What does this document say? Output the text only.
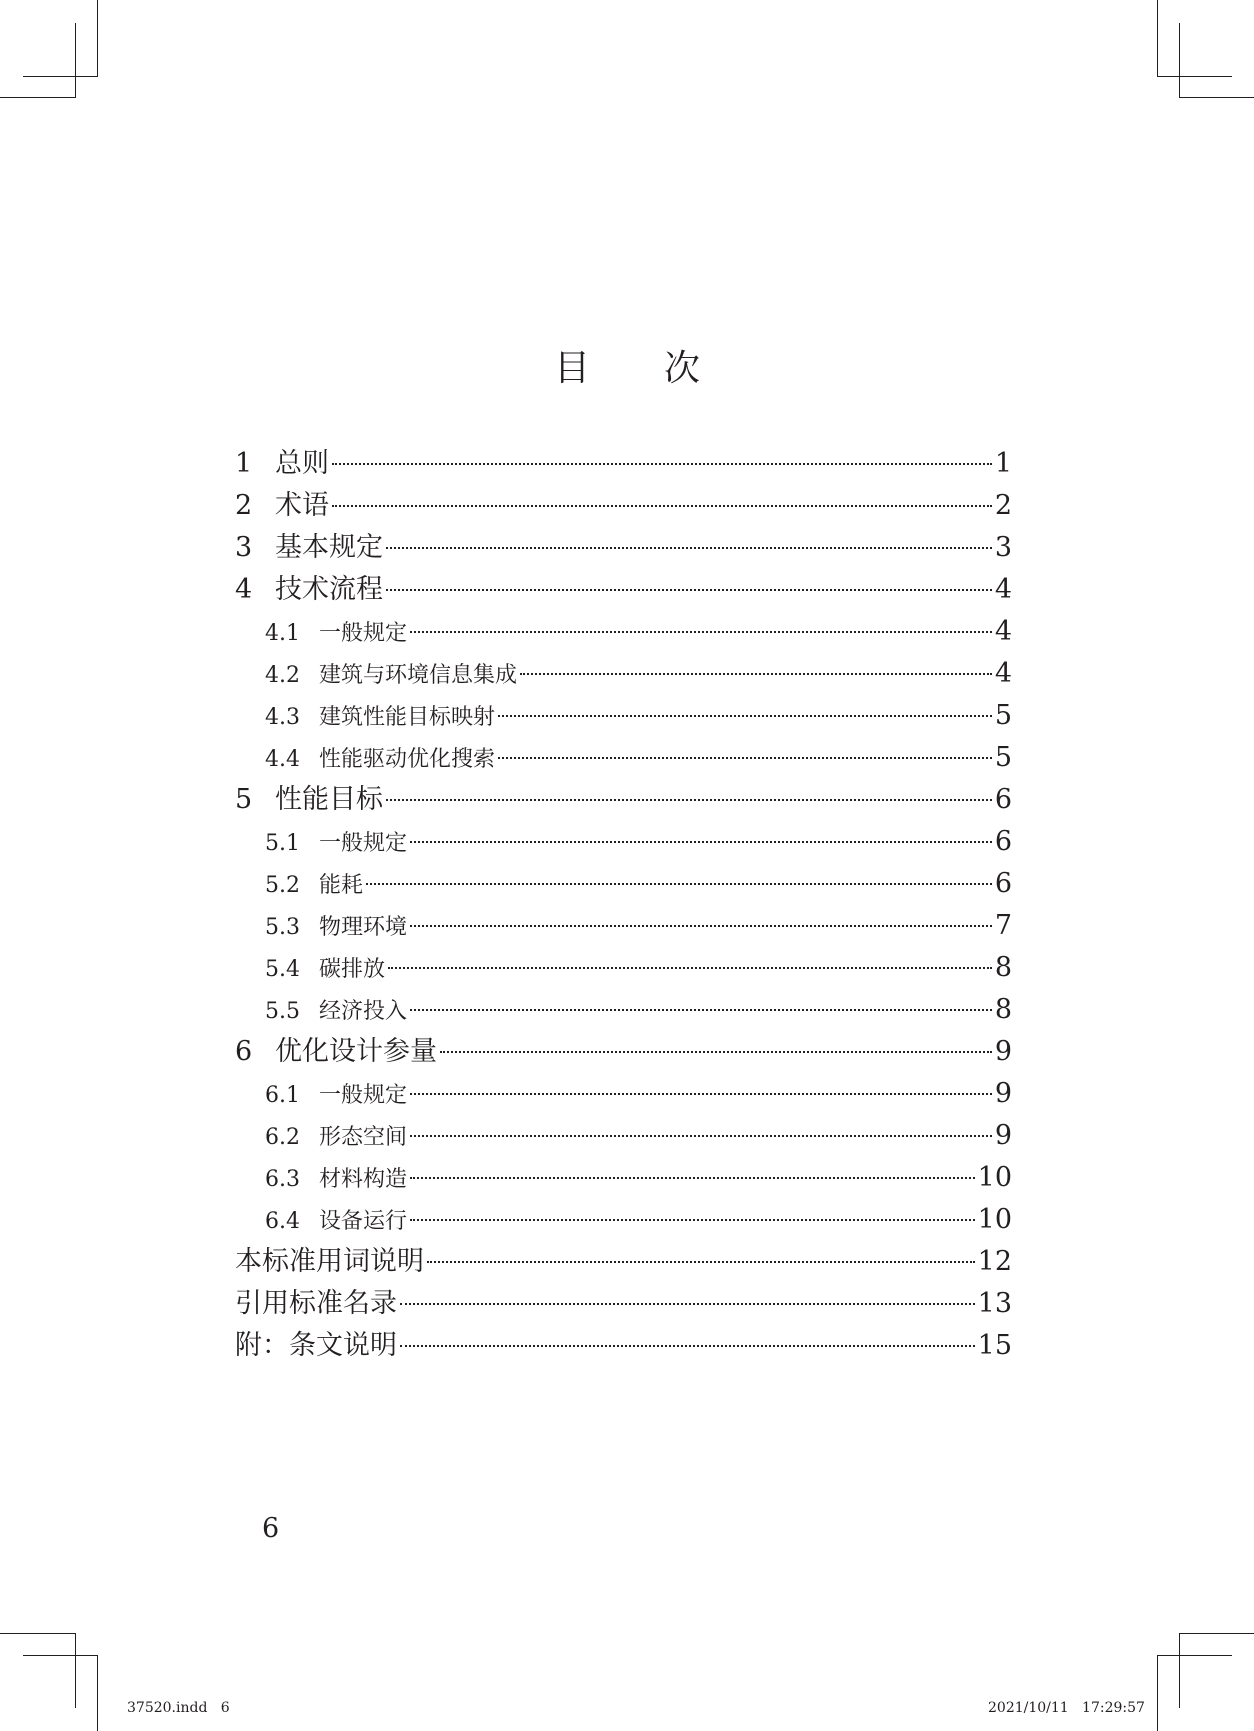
目 次
1 总则	1
2 术语	2
3 基本规定	3
4 技术流程	4
4.1 一般规定	4
4.2 建筑与环境信息集成	4
4.3 建筑性能目标映射	5
4.4 性能驱动优化搜索	5
5 性能目标	6
5.1 一般规定	6
5.2 能耗	6
5.3 物理环境	7
5.4 碳排放	8
5.5 经济投入	8
6 优化设计参量	9
6.1 一般规定	9
6.2 形态空间	9
6.3 材料构造	10
6.4 设备运行	10
本标准用词说明	12
引用标准名录	13
附：条文说明	15
6
37520.indd   6	2021/10/11   17:29:57
